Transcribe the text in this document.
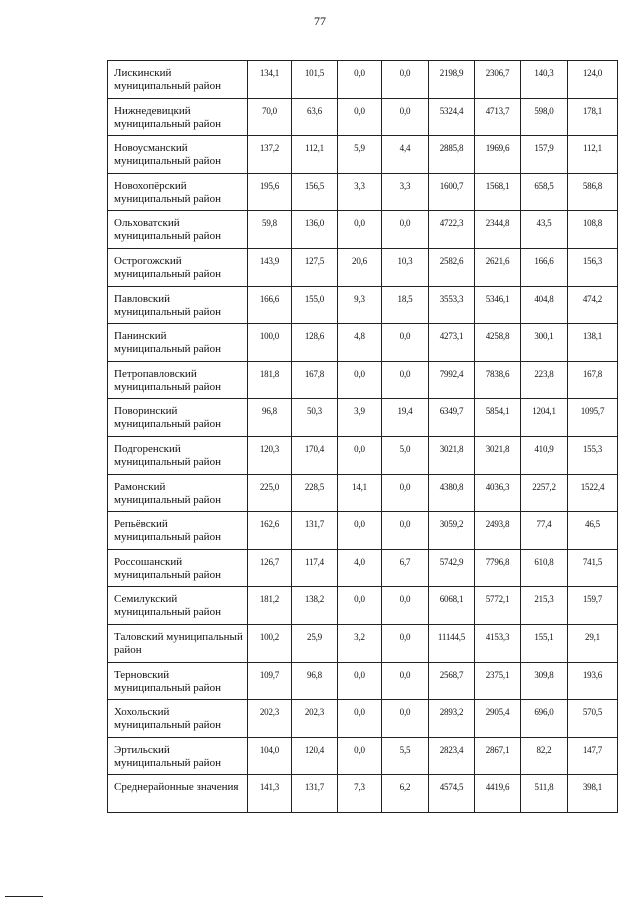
77
Лискинский муниципальный район	134,1	101,5	0,0	0,0	2198,9	2306,7	140,3	124,0
Нижнедевицкий муниципальный район	70,0	63,6	0,0	0,0	5324,4	4713,7	598,0	178,1
Новоусманский муниципальный район	137,2	112,1	5,9	4,4	2885,8	1969,6	157,9	112,1
Новохопёрский муниципальный район	195,6	156,5	3,3	3,3	1600,7	1568,1	658,5	586,8
Ольховатский муниципальный район	59,8	136,0	0,0	0,0	4722,3	2344,8	43,5	108,8
Острогожский муниципальный район	143,9	127,5	20,6	10,3	2582,6	2621,6	166,6	156,3
Павловский муниципальный район	166,6	155,0	9,3	18,5	3553,3	5346,1	404,8	474,2
Панинский муниципальный район	100,0	128,6	4,8	0,0	4273,1	4258,8	300,1	138,1
Петропавловский муниципальный район	181,8	167,8	0,0	0,0	7992,4	7838,6	223,8	167,8
Поворинский муниципальный район	96,8	50,3	3,9	19,4	6349,7	5854,1	1204,1	1095,7
Подгоренский муниципальный район	120,3	170,4	0,0	5,0	3021,8	3021,8	410,9	155,3
Рамонский муниципальный район	225,0	228,5	14,1	0,0	4380,8	4036,3	2257,2	1522,4
Репьёвский муниципальный район	162,6	131,7	0,0	0,0	3059,2	2493,8	77,4	46,5
Россошанский муниципальный район	126,7	117,4	4,0	6,7	5742,9	7796,8	610,8	741,5
Семилукский муниципальный район	181,2	138,2	0,0	0,0	6068,1	5772,1	215,3	159,7
Таловский муниципальный район	100,2	25,9	3,2	0,0	11144,5	4153,3	155,1	29,1
Терновский муниципальный район	109,7	96,8	0,0	0,0	2568,7	2375,1	309,8	193,6
Хохольский муниципальный район	202,3	202,3	0,0	0,0	2893,2	2905,4	696,0	570,5
Эртильский муниципальный район	104,0	120,4	0,0	5,5	2823,4	2867,1	82,2	147,7
Среднерайонные значения	141,3	131,7	7,3	6,2	4574,5	4419,6	511,8	398,1
